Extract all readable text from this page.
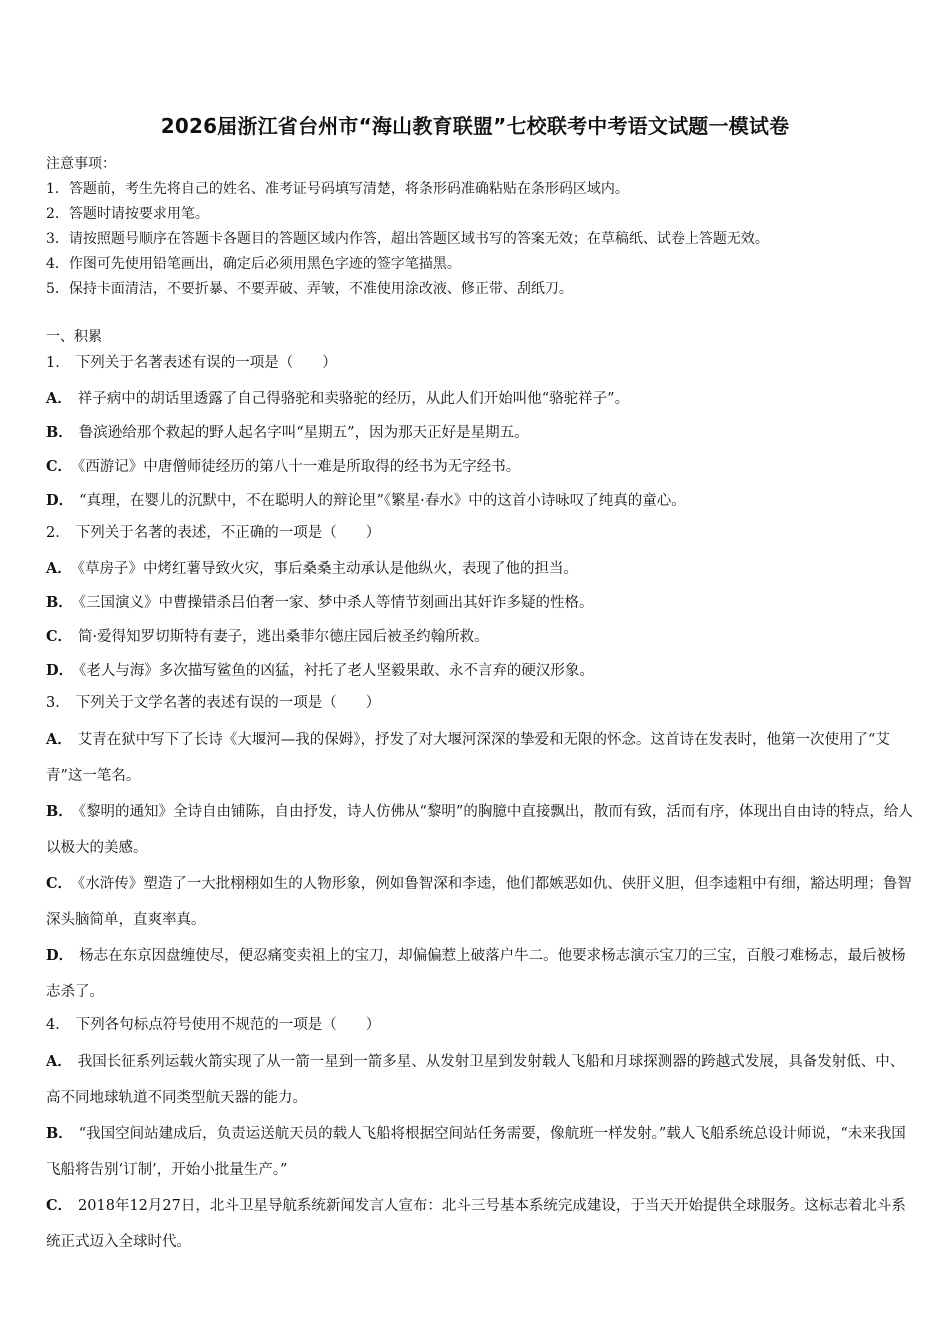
2026届浙江省台州市“海山教育联盟”七校联考中考语文试题一模试卷
注意事项：
1．答题前，考生先将自己的姓名、准考证号码填写清楚，将条形码准确粘贴在条形码区域内。
2．答题时请按要求用笔。
3．请按照题号顺序在答题卡各题目的答题区域内作答，超出答题区域书写的答案无效；在草稿纸、试卷上答题无效。
4．作图可先使用铅笔画出，确定后必须用黑色字迹的签字笔描黑。
5．保持卡面清洁，不要折暴、不要弄破、弄皱，不准使用涂改液、修正带、刮纸刀。
一、积累
1． 下列关于名著表述有误的一项是（　　）
A． 祥子病中的胡话里透露了自己得骆驼和卖骆驼的经历，从此人们开始叫他“骆驼祥子”。
B． 鲁滨逊给那个救起的野人起名字叫“星期五”，因为那天正好是星期五。
C． 《西游记》中唐僧师徒经历的第八十一难是所取得的经书为无字经书。
D． “真理，在婴儿的沉默中，不在聪明人的辩论里”《繁星·春水》中的这首小诗咏叹了纯真的童心。
2． 下列关于名著的表述，不正确的一项是（　　）
A． 《草房子》中烤红薯导致火灾，事后桑桑主动承认是他纵火，表现了他的担当。
B． 《三国演义》中曹操错杀吕伯奢一家、梦中杀人等情节刻画出其奸诈多疑的性格。
C． 简·爱得知罗切斯特有妻子，逃出桑菲尔德庄园后被圣约翰所救。
D． 《老人与海》多次描写鲨鱼的凶猛，衬托了老人坚毅果敢、永不言弃的硬汉形象。
3． 下列关于文学名著的表述有误的一项是（　　）
A． 艾青在狱中写下了长诗《大堰河—我的保姆》，抒发了对大堰河深深的挚爱和无限的怀念。这首诗在发表时，他第一次使用了“艾青”这一笔名。
B． 《黎明的通知》全诗自由铺陈，自由抒发，诗人仿佛从“黎明”的胸臆中直接飘出，散而有致，活而有序，体现出自由诗的特点，给人以极大的美感。
C． 《水浒传》塑造了一大批栩栩如生的人物形象，例如鲁智深和李逵，他们都嫉恶如仇、侠肝义胆，但李逵粗中有细，豁达明理；鲁智深头脑简单，直爽率真。
D． 杨志在东京因盘缠使尽，便忍痛变卖祖上的宝刀，却偏偏惹上破落户牛二。他要求杨志演示宝刀的三宝，百般刁难杨志，最后被杨志杀了。
4． 下列各句标点符号使用不规范的一项是（　　）
A． 我国长征系列运载火箭实现了从一箭一星到一箭多星、从发射卫星到发射载人飞船和月球探测器的跨越式发展，具备发射低、中、高不同地球轨道不同类型航天器的能力。
B． “我国空间站建成后，负责运送航天员的载人飞船将根据空间站任务需要，像航班一样发射。”载人飞船系统总设计师说，“未来我国飞船将告别‘订制’，开始小批量生产。”
C． 2018年12月27日，北斗卫星导航系统新闻发言人宣布：北斗三号基本系统完成建设，于当天开始提供全球服务。这标志着北斗系统正式迈入全球时代。
